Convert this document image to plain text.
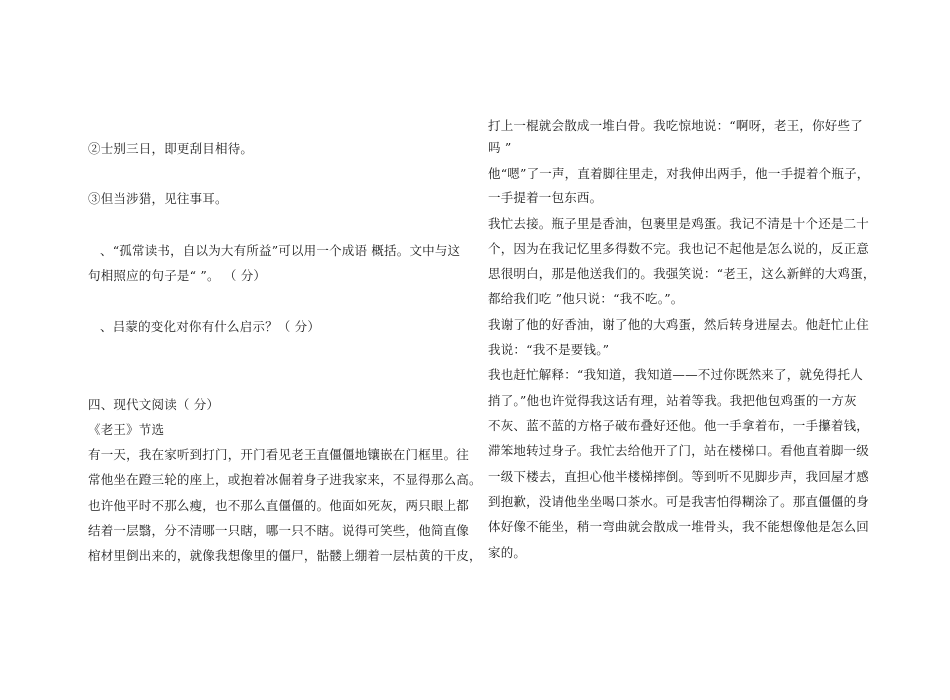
②士别三日，即更刮目相待。
③但当涉猎，见往事耳。
、“孤常读书，自以为大有所益”可以用一个成语 概括。文中与这
句相照应的句子是“ ”。 （ 分）
、吕蒙的变化对你有什么启示？（ 分）
四、现代文阅读（ 分）
《老王》节选
有一天，我在家听到打门，开门看见老王直僵僵地镶嵌在门框里。往
常他坐在蹬三轮的座上，或抱着冰倔着身子进我家来，不显得那么高。
也许他平时不那么瘦，也不那么直僵僵的。他面如死灰，两只眼上都
结着一层翳，分不清哪一只瞎，哪一只不瞎。说得可笑些，他简直像
棺材里倒出来的，就像我想像里的僵尸，骷髅上绷着一层枯黄的干皮，
打上一棍就会散成一堆白骨。我吃惊地说：“啊呀，老王，你好些了
吗 ”
他“嗯”了一声，直着脚往里走，对我伸出两手，他一手提着个瓶子，
一手提着一包东西。
我忙去接。瓶子里是香油，包裹里是鸡蛋。我记不清是十个还是二十
个，因为在我记忆里多得数不完。我也记不起他是怎么说的，反正意
思很明白，那是他送我们的。我强笑说：“老王，这么新鲜的大鸡蛋，
都给我们吃 ”他只说：“我不吃。”。
我谢了他的好香油，谢了他的大鸡蛋，然后转身进屋去。他赶忙止住
我说：“我不是要钱。”
我也赶忙解释：“我知道，我知道——不过你既然来了，就免得托人
捎了。”他也许觉得我这话有理，站着等我。我把他包鸡蛋的一方灰
不灰、蓝不蓝的方格子破布叠好还他。他一手拿着布，一手攥着钱，
滞笨地转过身子。我忙去给他开了门，站在楼梯口。看他直着脚一级
一级下楼去，直担心他半楼梯摔倒。等到听不见脚步声，我回屋才感
到抱歉，没请他坐坐喝口茶水。可是我害怕得糊涂了。那直僵僵的身
体好像不能坐，稍一弯曲就会散成一堆骨头，我不能想像他是怎么回
家的。
